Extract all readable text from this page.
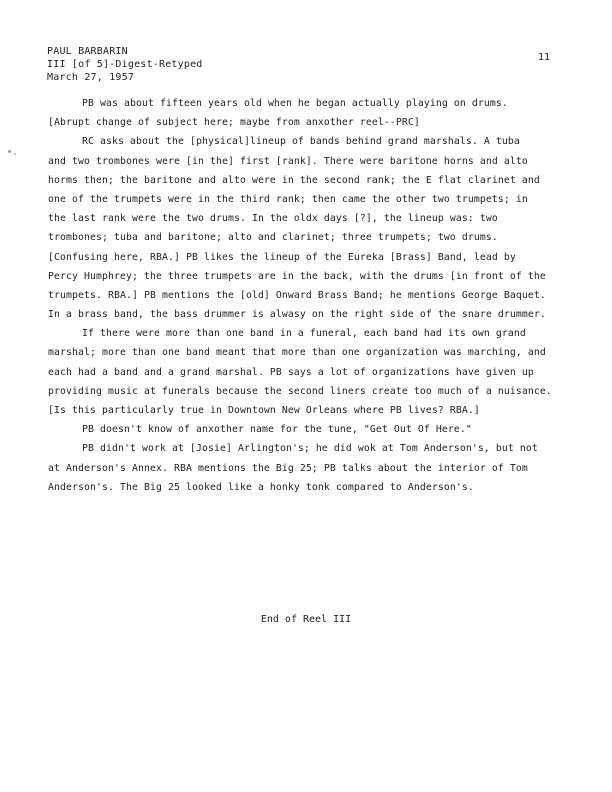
PAUL BARBARIN
III [of 5]-Digest-Retyped
March 27, 1957
11
PB was about fifteen years old when he began actually playing on drums.
[Abrupt change of subject here; maybe from anxother reel--PRC]
RC asks about the [physical]lineup of bands behind grand marshals. A tuba
and two trombones were [in the] first [rank]. There were baritone horns and alto
horms then; the baritone and alto were in the second rank; the E flat clarinet and
one of the trumpets were in the third rank; then came the other two trumpets; in
the last rank were the two drums. In the oldx days [?], the lineup was: two
trombones; tuba and baritone; alto and clarinet; three trumpets; two drums.
[Confusing here, RBA.] PB likes the lineup of the Eureka [Brass] Band, lead by
Percy Humphrey; the three trumpets are in the back, with the drums [in front of the
trumpets. RBA.] PB mentions the [old] Onward Brass Band; he mentions George Baquet.
In a brass band, the bass drummer is alwasy on the right side of the snare drummer.
If there were more than one band in a funeral, each band had its own grand
marshal; more than one band meant that more than one organization was marching, and
each had a band and a grand marshal. PB says a lot of organizations have given up
providing music at funerals because the second liners create too much of a nuisance.
[Is this particularly true in Downtown New Orleans where PB lives? RBA.]
PB doesn't know of anxother name for the tune, "Get Out Of Here."
PB didn't work at [Josie] Arlington's; he did wok at Tom Anderson's, but not
at Anderson's Annex. RBA mentions the Big 25; PB talks about the interior of Tom
Anderson's. The Big 25 looked like a honky tonk compared to Anderson's.
End of Reel III
